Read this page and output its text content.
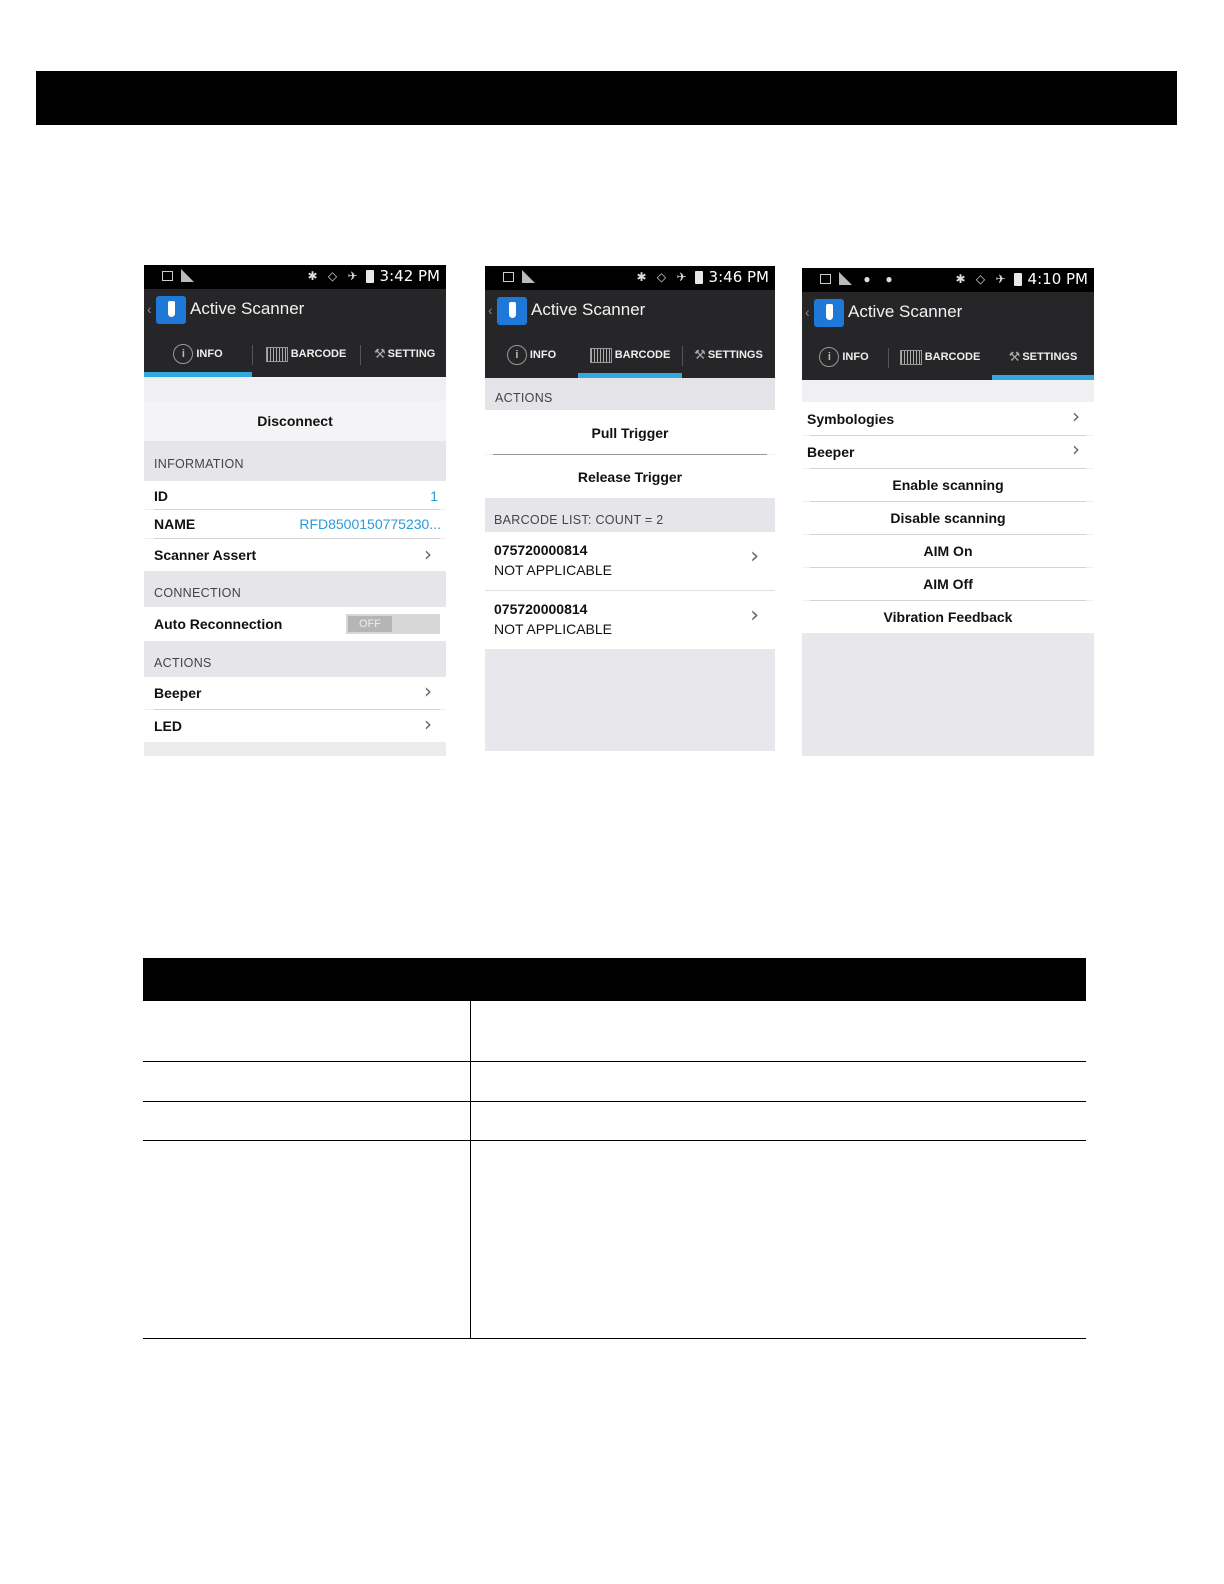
✱ ◇ ✈ 3:42 PM
‹ Active Scanner
i	INFO	BARCODE ⚒ SETTING
Disconnect
INFORMATION
ID	1
NAME	RFD8500150775230...
Scanner Assert	›
CONNECTION
Auto Reconnection	OFF
ACTIONS
Beeper	›
LED	›
✱ ◇ ✈ 3:46 PM
‹ Active Scanner
i	INFO	BARCODE ⚒ SETTINGS
ACTIONS
Pull Trigger
Release Trigger
BARCODE LIST: COUNT = 2
075720000814
NOT APPLICABLE
›
075720000814
NOT APPLICABLE
›
● ●	✱ ◇ ✈ 4:10 PM
‹ Active Scanner
i	INFO	BARCODE ⚒ SETTINGS
Symbologies	›
Beeper	›
Enable scanning
Disable scanning
AIM On
AIM Off
Vibration Feedback
